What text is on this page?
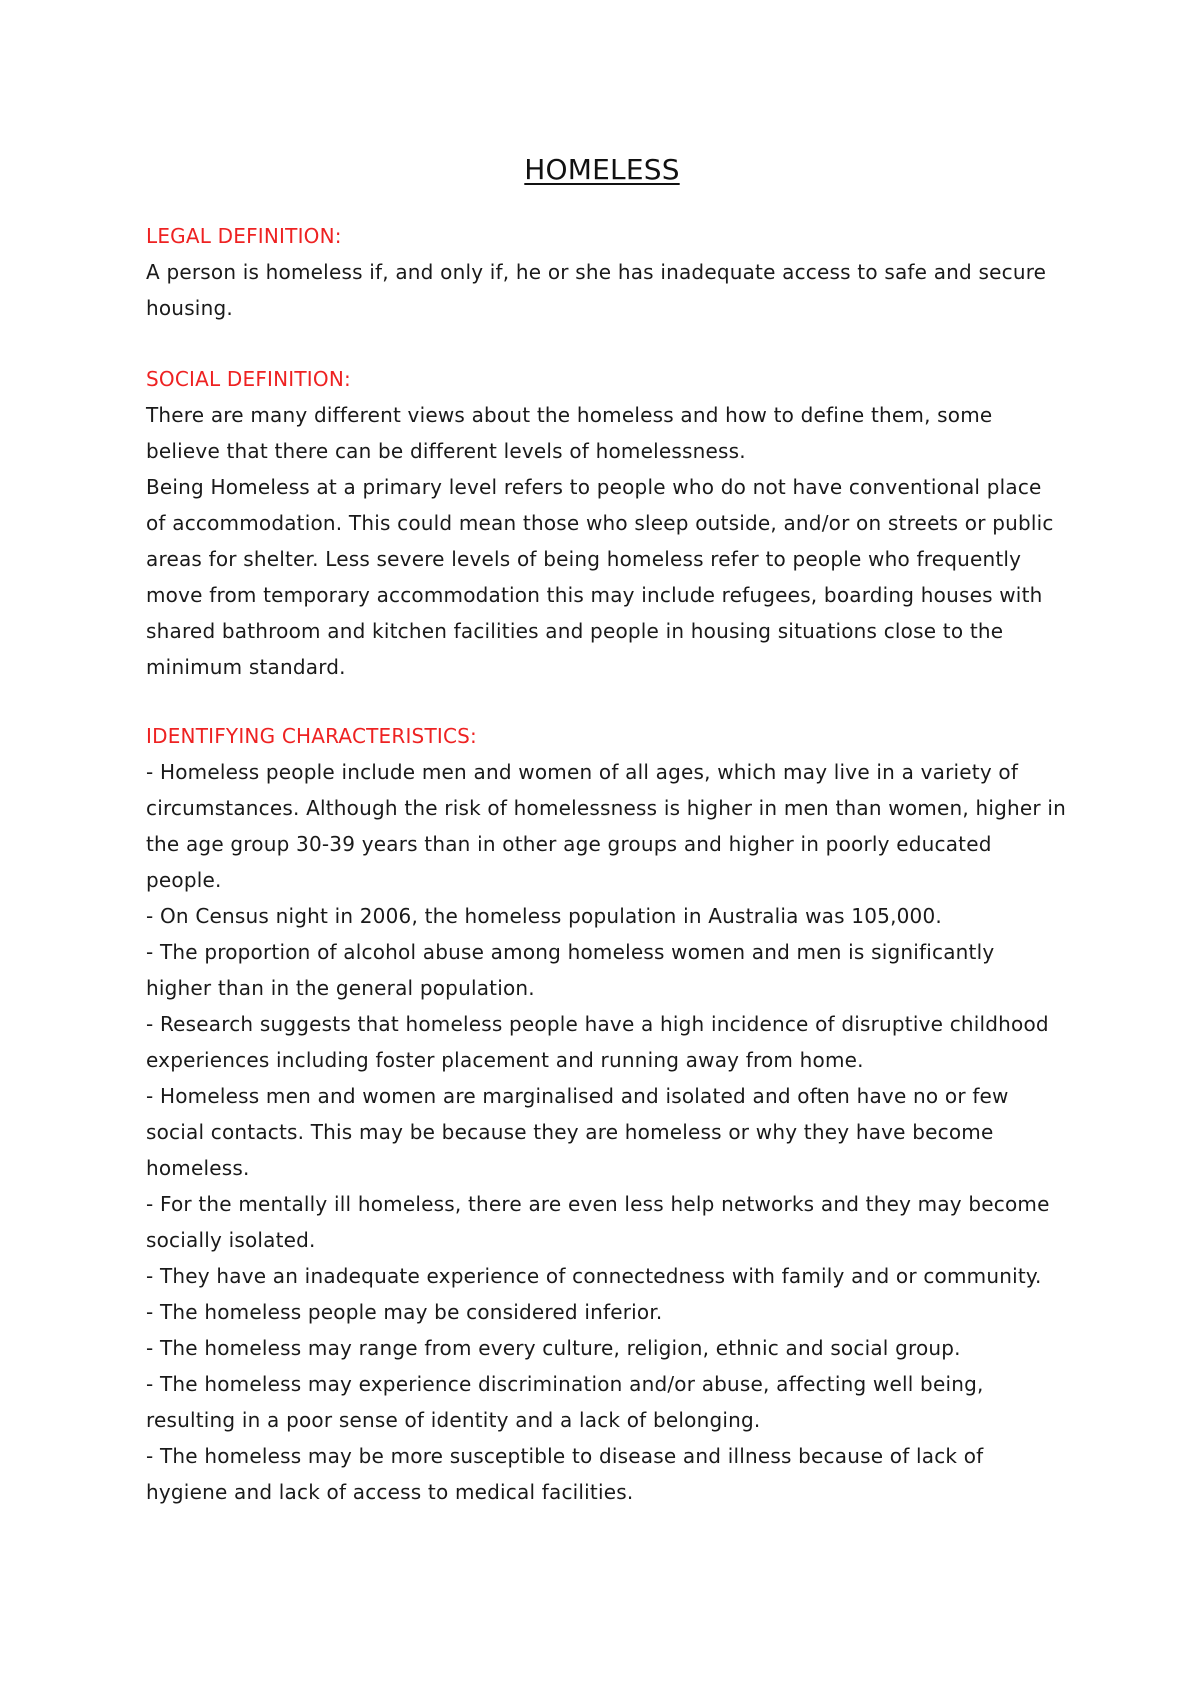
HOMELESS

LEGAL DEFINITION:

A person is homeless if, and only if, he or she has inadequate access to safe and secure housing.

SOCIAL DEFINITION:

There are many different views about the homeless and how to define them, some believe that there can be different levels of homelessness.

Being Homeless at a primary level refers to people who do not have conventional place of accommodation. This could mean those who sleep outside, and/or on streets or public areas for shelter. Less severe levels of being homeless refer to people who frequently move from temporary accommodation this may include refugees, boarding houses with shared bathroom and kitchen facilities and people in housing situations close to the minimum standard.

IDENTIFYING CHARACTERISTICS:

- Homeless people include men and women of all ages, which may live in a variety of circumstances. Although the risk of homelessness is higher in men than women, higher in the age group 30-39 years than in other age groups and higher in poorly educated people.

- On Census night in 2006, the homeless population in Australia was 105,000.

- The proportion of alcohol abuse among homeless women and men is significantly higher than in the general population.

- Research suggests that homeless people have a high incidence of disruptive childhood experiences including foster placement and running away from home.

- Homeless men and women are marginalised and isolated and often have no or few social contacts. This may be because they are homeless or why they have become homeless.

- For the mentally ill homeless, there are even less help networks and they may become socially isolated.

- They have an inadequate experience of connectedness with family and or community.

- The homeless people may be considered inferior.

- The homeless may range from every culture, religion, ethnic and social group.

- The homeless may experience discrimination and/or abuse, affecting well being, resulting in a poor sense of identity and a lack of belonging.

- The homeless may be more susceptible to disease and illness because of lack of hygiene and lack of access to medical facilities.
